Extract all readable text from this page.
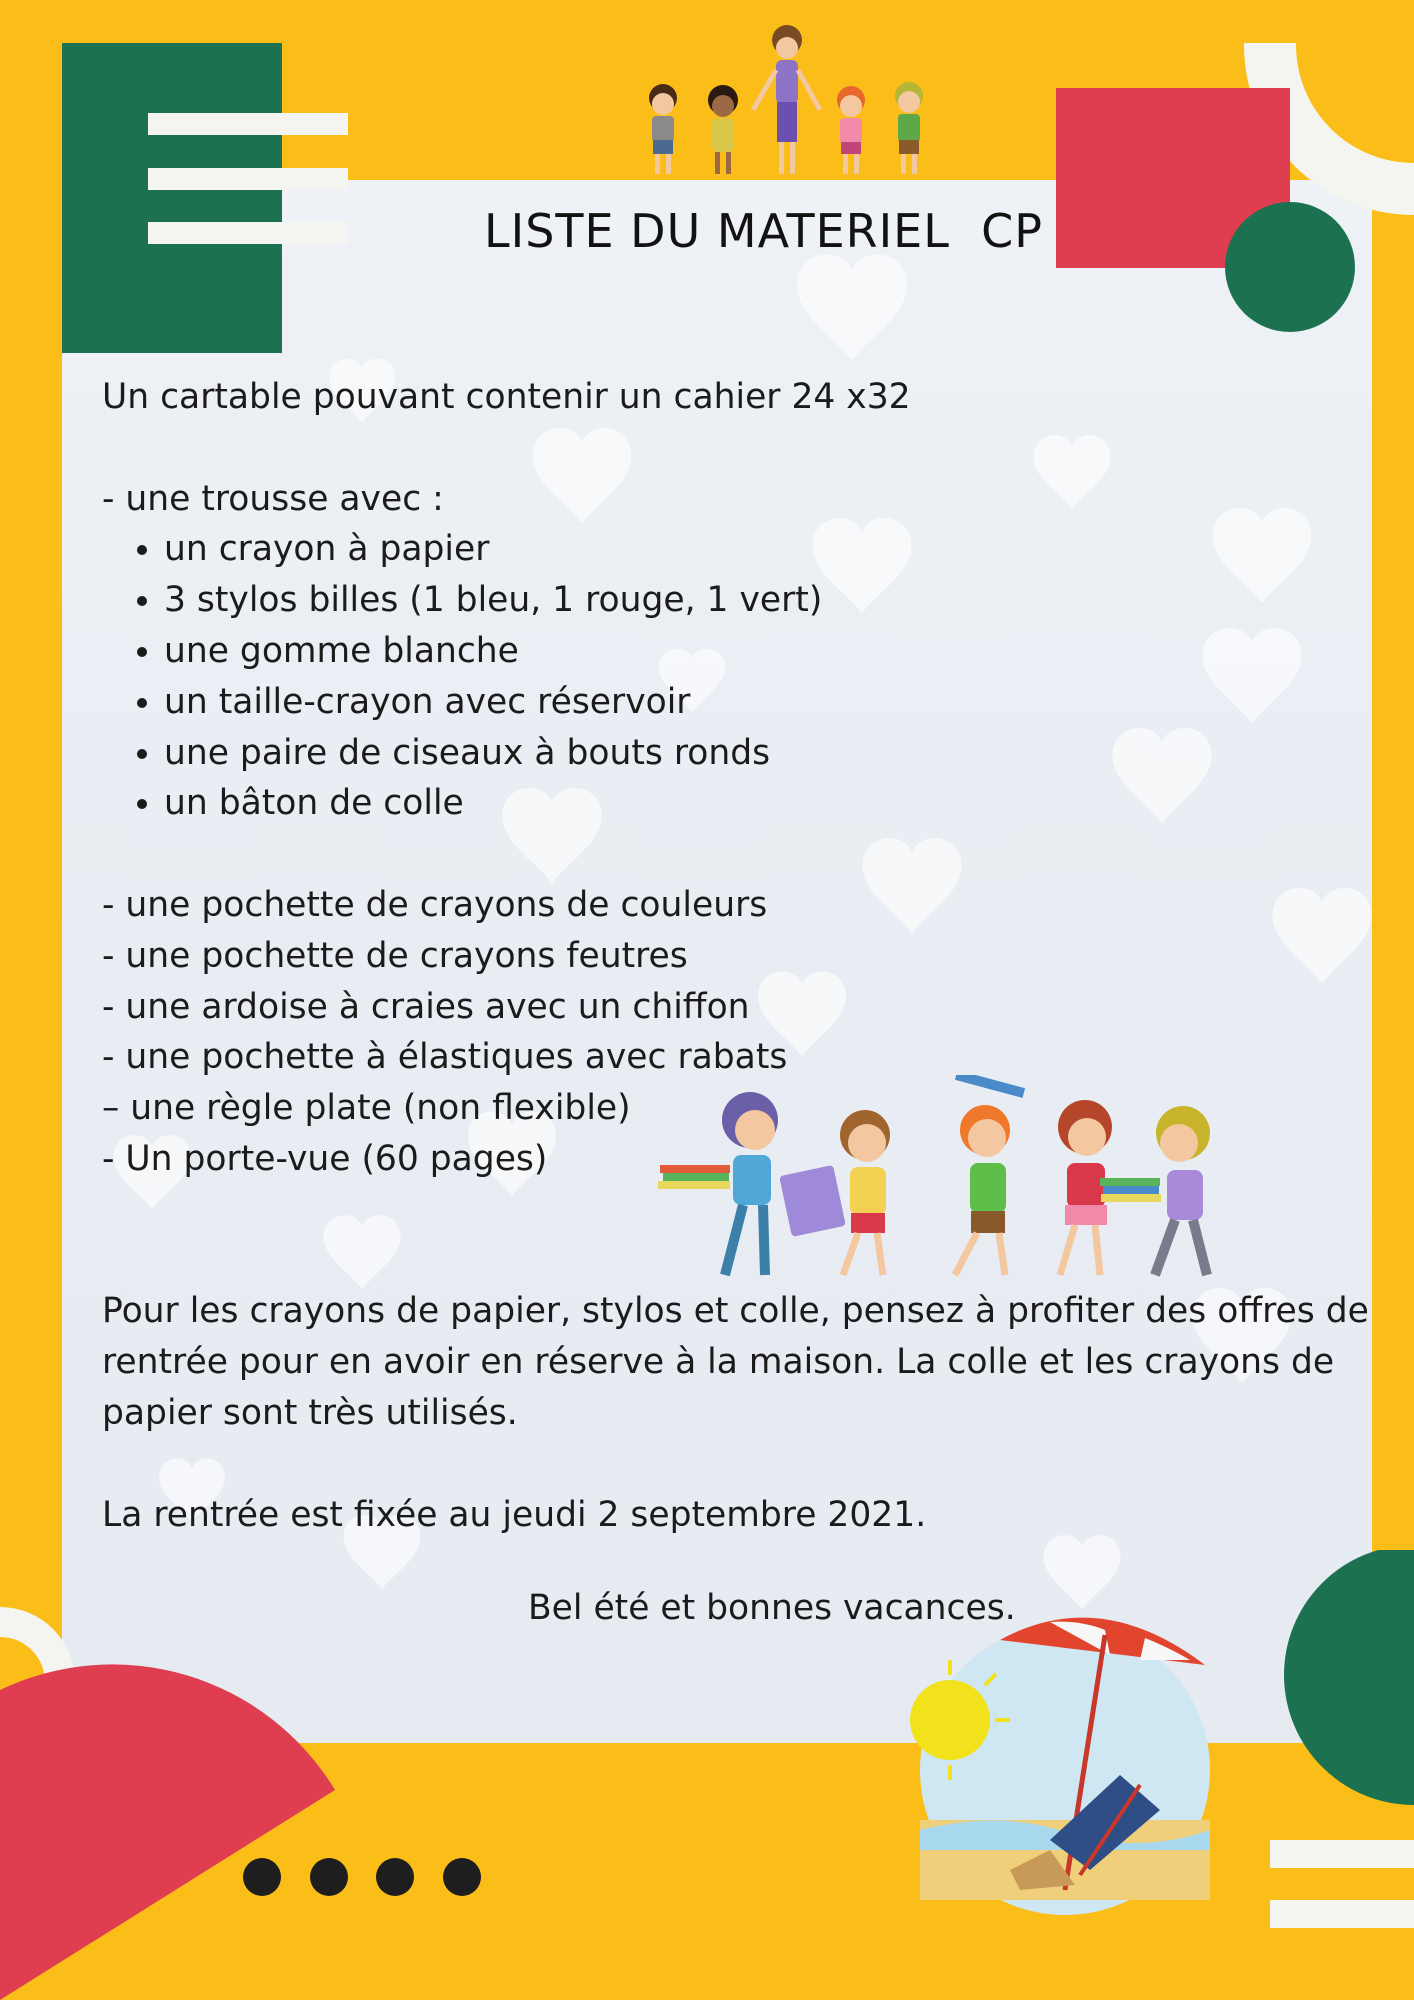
LISTE DU MATERIEL  CP

Un cartable pouvant contenir un cahier 24 x32

- une trousse avec :

• un crayon à papier
• 3 stylos billes (1 bleu, 1 rouge, 1 vert)
• une gomme blanche
• un taille-crayon avec réservoir
• une paire de ciseaux à bouts ronds
• un bâton de colle

- une pochette de crayons de couleurs

- une pochette de crayons feutres

- une ardoise à craies avec un chiffon

- une pochette à élastiques avec rabats

– une règle plate (non flexible)

- Un porte-vue (60 pages)

Pour les crayons de papier, stylos et colle, pensez à profiter des offres de rentrée pour en avoir en réserve à la maison. La colle et les crayons de papier sont très utilisés.

La rentrée est fixée au jeudi 2 septembre 2021.

Bel été et bonnes vacances.
